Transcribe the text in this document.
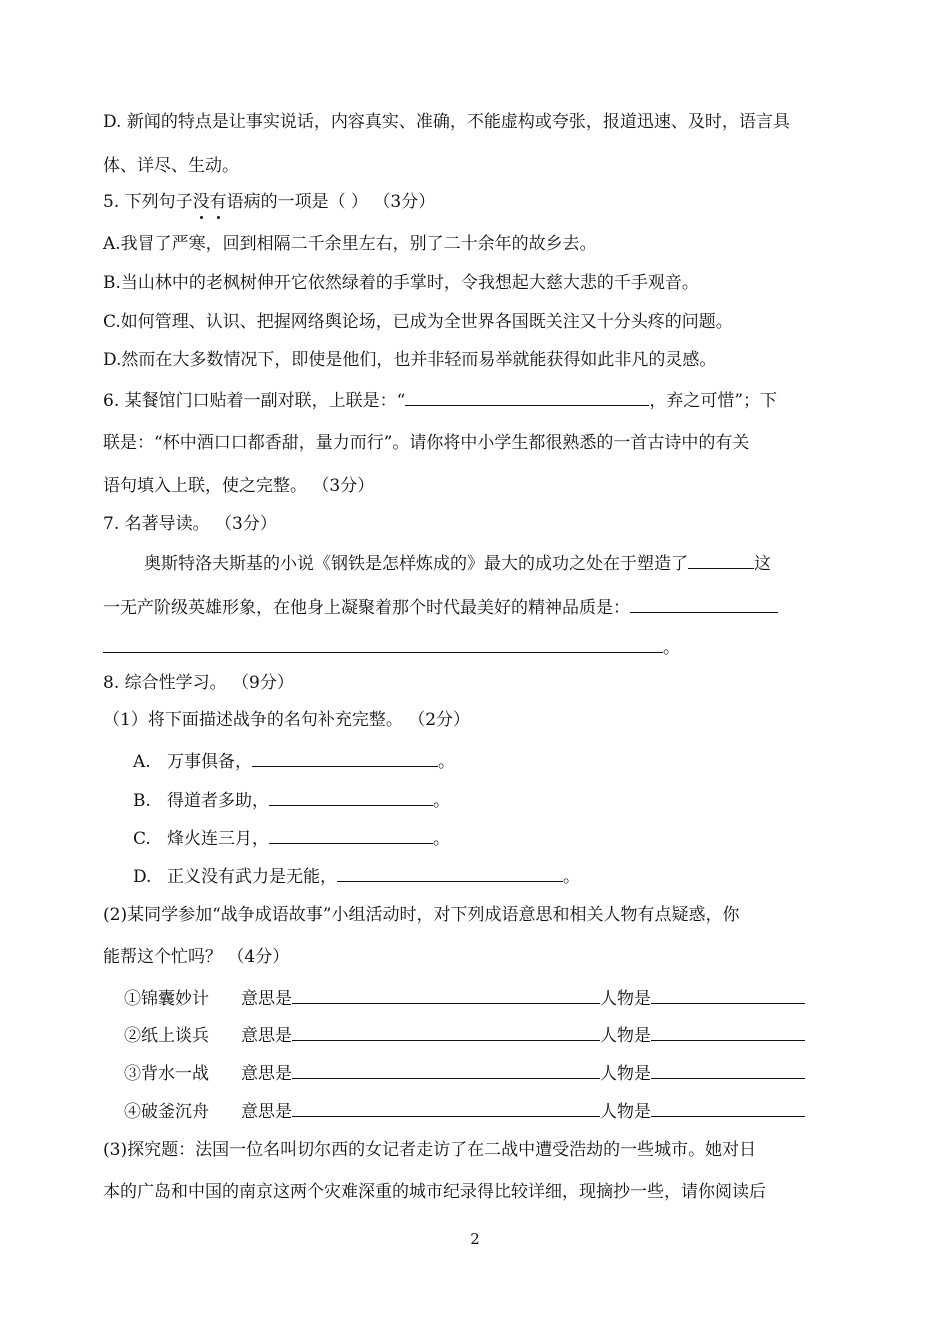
D. 新闻的特点是让事实说话，内容真实、准确，不能虚构或夸张，报道迅速、及时，语言具
体、详尽、生动。
5. 下列句子没有语病的一项是（ ） （3分）
A.我冒了严寒，回到相隔二千余里左右，别了二十余年的故乡去。
B.当山林中的老枫树伸开它依然绿着的手掌时，令我想起大慈大悲的千手观音。
C.如何管理、认识、把握网络舆论场，已成为全世界各国既关注又十分头疼的问题。
D.然而在大多数情况下，即使是他们，也并非轻而易举就能获得如此非凡的灵感。
6. 某餐馆门口贴着一副对联，上联是：“	，弃之可惜”；下
联是：“杯中酒口口都香甜，量力而行”。请你将中小学生都很熟悉的一首古诗中的有关
语句填入上联，使之完整。 （3分）
7. 名著导读。 （3分）
奥斯特洛夫斯基的小说《钢铁是怎样炼成的》最大的成功之处在于塑造了	这
一无产阶级英雄形象，在他身上凝聚着那个时代最美好的精神品质是：
。
8. 综合性学习。 （9分）
（1）将下面描述战争的名句补充完整。 （2分）
A. 万事俱备，	。
B. 得道者多助，	。
C. 烽火连三月，	。
D. 正义没有武力是无能，	。
(2)某同学参加“战争成语故事”小组活动时，对下列成语意思和相关人物有点疑惑，你
能帮这个忙吗？ （4分）
①锦囊妙计 意思是	人物是
②纸上谈兵 意思是	人物是
③背水一战 意思是	人物是
④破釜沉舟 意思是	人物是
(3)探究题：法国一位名叫切尔西的女记者走访了在二战中遭受浩劫的一些城市。她对日
本的广岛和中国的南京这两个灾难深重的城市纪录得比较详细，现摘抄一些，请你阅读后
2
